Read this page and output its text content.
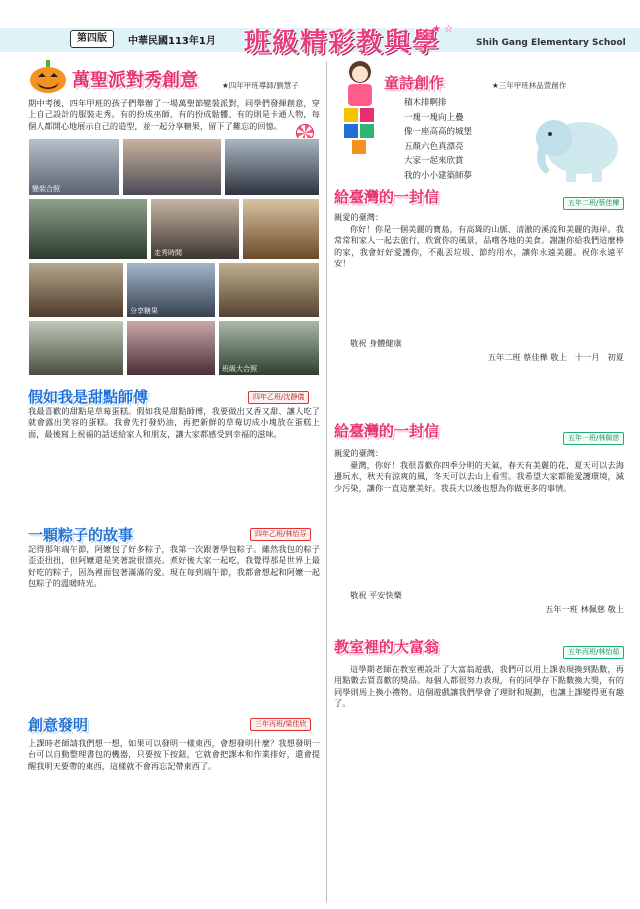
第四版	中華民國113年1月 班級精彩教與學
★ ☆
Shih Gang Elementary School
萬聖派對秀創意	★四年甲班導師/劉慧子
期中考後，四年甲班的孩子們舉辦了一場萬聖節變裝派對，同學們發揮創意，穿上自己設計的服裝走秀。有的扮成巫師、有的扮成骷髏、有的則是卡通人物，每個人都開心地展示自己的造型，並一起分享糖果，留下了難忘的回憶。
變裝合照
走秀時間
分享糖果
班級大合照
假如我是甜點師傅	四年乙班/沈靜儀
我最喜歡的甜點是草莓蛋糕。假如我是甜點師傅，我要做出又香又甜、讓人吃了就會露出笑容的蛋糕。我會先打發奶油，再把新鮮的草莓切成小塊放在蛋糕上面，最後寫上祝福的話送給家人和朋友，讓大家都感受到幸福的滋味。
一顆粽子的故事	四年乙班/林怡芬
記得那年端午節，阿嬤包了好多粽子，我第一次跟著學包粽子。雖然我包的粽子歪歪扭扭，但阿嬤還是笑著說很漂亮。煮好後大家一起吃，我覺得那是世界上最好吃的粽子，因為裡面包著滿滿的愛。現在每到端午節，我都會想起和阿嬤一起包粽子的溫暖時光。
創意發明	三年丙班/梁佳欣
上課時老師請我們想一想，如果可以發明一樣東西，會想發明什麼？我想發明一台可以自動整理書包的機器，只要按下按鈕，它就會把課本和作業排好，還會提醒我明天要帶的東西，這樣就不會再忘記帶東西了。
童詩創作	★三年甲班林品萱創作
積木排啊排
一塊一塊向上疊
像一座高高的城堡
五顏六色真漂亮
大家一起來欣賞
我的小小建築師夢
給臺灣的一封信	五年二班/蔡佳樺
親愛的臺灣：
你好！你是一個美麗的寶島，有高聳的山脈、清澈的溪流和美麗的海岸。我常常和家人一起去旅行，欣賞你的風景，品嚐各地的美食。謝謝你給我們這麼棒的家，我會好好愛護你，不亂丟垃圾、節約用水，讓你永遠美麗。祝你永遠平安！
敬祝 身體健康
五年二班 蔡佳樺 敬上　十一月　初夏
給臺灣的一封信	五年一班/林佩慈
親愛的臺灣：
臺灣，你好！我很喜歡你四季分明的天氣，春天有美麗的花，夏天可以去海邊玩水，秋天有涼爽的風，冬天可以去山上看雪。我希望大家都能愛護環境，減少污染，讓你一直這麼美好。我長大以後也想為你做更多的事情。
敬祝 平安快樂
五年一班 林佩慈 敬上
教室裡的大富翁	五年丙班/林怡茹
這學期老師在教室裡設計了大富翁遊戲，我們可以用上課表現換到點數，再用點數去買喜歡的獎品。每個人都很努力表現，有的同學存下點數換大獎，有的同學則馬上換小禮物。這個遊戲讓我們學會了理財和規劃，也讓上課變得更有趣了。
